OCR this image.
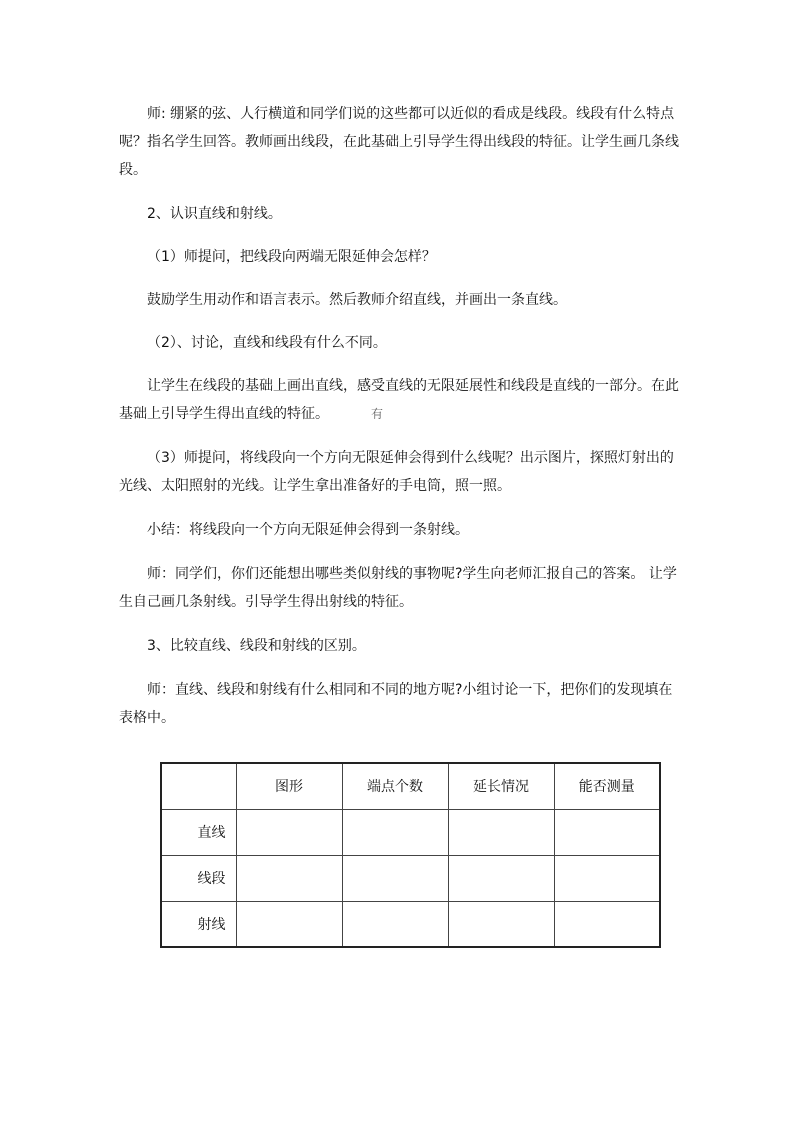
师: 绷紧的弦、人行横道和同学们说的这些都可以近似的看成是线段。线段有什么特点呢？指名学生回答。教师画出线段，在此基础上引导学生得出线段的特征。让学生画几条线段。

2、认识直线和射线。

（1）师提问，把线段向两端无限延伸会怎样？

鼓励学生用动作和语言表示。然后教师介绍直线，并画出一条直线。

（2）、讨论，直线和线段有什么不同。

让学生在线段的基础上画出直线，感受直线的无限延展性和线段是直线的一部分。在此基础上引导学生得出直线的特征。	有

（3）师提问，将线段向一个方向无限延伸会得到什么线呢？出示图片，探照灯射出的光线、太阳照射的光线。让学生拿出准备好的手电筒，照一照。

小结：将线段向一个方向无限延伸会得到一条射线。

师：同学们，你们还能想出哪些类似射线的事物呢?学生向老师汇报自己的答案。 让学生自己画几条射线。引导学生得出射线的特征。

3、比较直线、线段和射线的区别。

师：直线、线段和射线有什么相同和不同的地方呢?小组讨论一下，把你们的发现填在表格中。

	图形	端点个数	延长情况	能否测量
直线				
线段				
射线				
